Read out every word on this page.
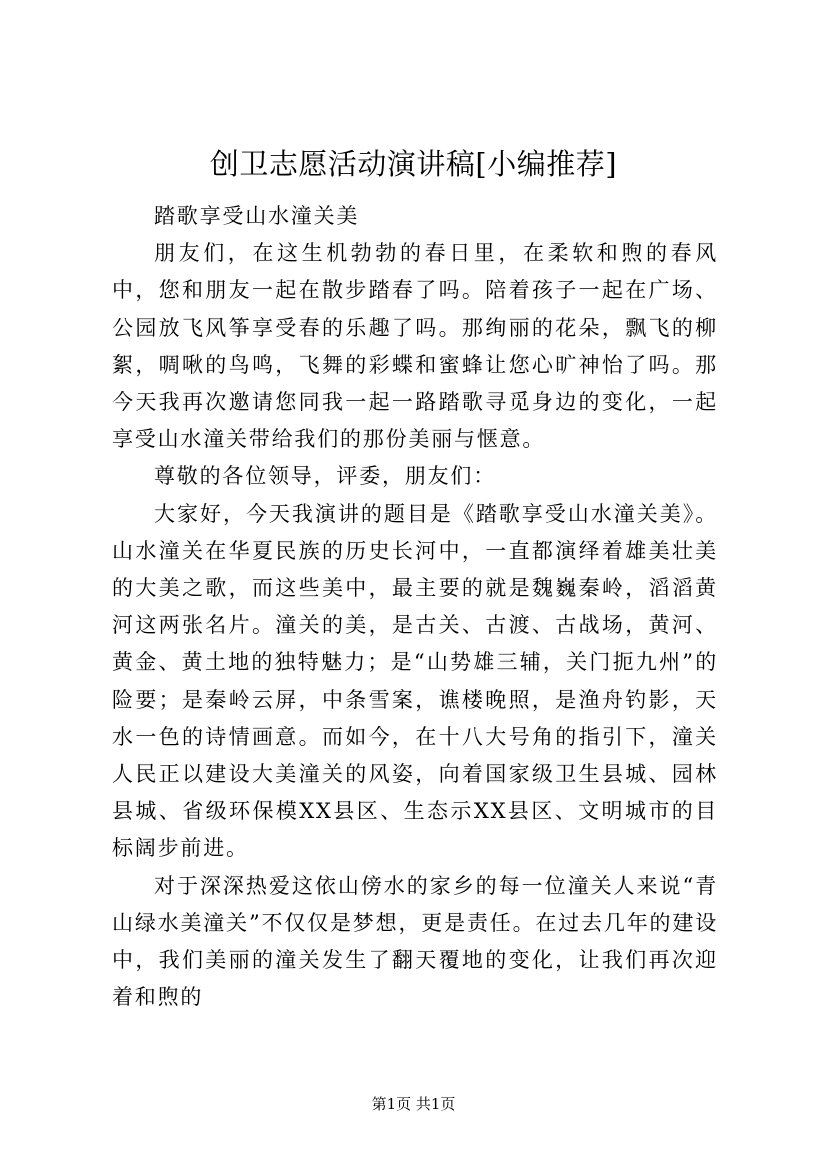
创卫志愿活动演讲稿[小编推荐]

踏歌享受山水潼关美

朋友们，在这生机勃勃的春日里，在柔软和煦的春风中，您和朋友一起在散步踏春了吗。陪着孩子一起在广场、公园放飞风筝享受春的乐趣了吗。那绚丽的花朵，飘飞的柳絮，啁啾的鸟鸣，飞舞的彩蝶和蜜蜂让您心旷神怡了吗。那今天我再次邀请您同我一起一路踏歌寻觅身边的变化，一起享受山水潼关带给我们的那份美丽与惬意。

尊敬的各位领导，评委，朋友们：

大家好，今天我演讲的题目是《踏歌享受山水潼关美》。山水潼关在华夏民族的历史长河中，一直都演绎着雄美壮美的大美之歌，而这些美中，最主要的就是魏巍秦岭，滔滔黄河这两张名片。潼关的美，是古关、古渡、古战场，黄河、黄金、黄土地的独特魅力；是“山势雄三辅，关门扼九州”的险要；是秦岭云屏，中条雪案，谯楼晚照，是渔舟钓影，天水一色的诗情画意。而如今，在十八大号角的指引下，潼关人民正以建设大美潼关的风姿，向着国家级卫生县城、园林县城、省级环保模XX县区、生态示XX县区、文明城市的目标阔步前进。

对于深深热爱这依山傍水的家乡的每一位潼关人来说“青山绿水美潼关”不仅仅是梦想，更是责任。在过去几年的建设中，我们美丽的潼关发生了翻天覆地的变化，让我们再次迎着和煦的

第1页 共1页
